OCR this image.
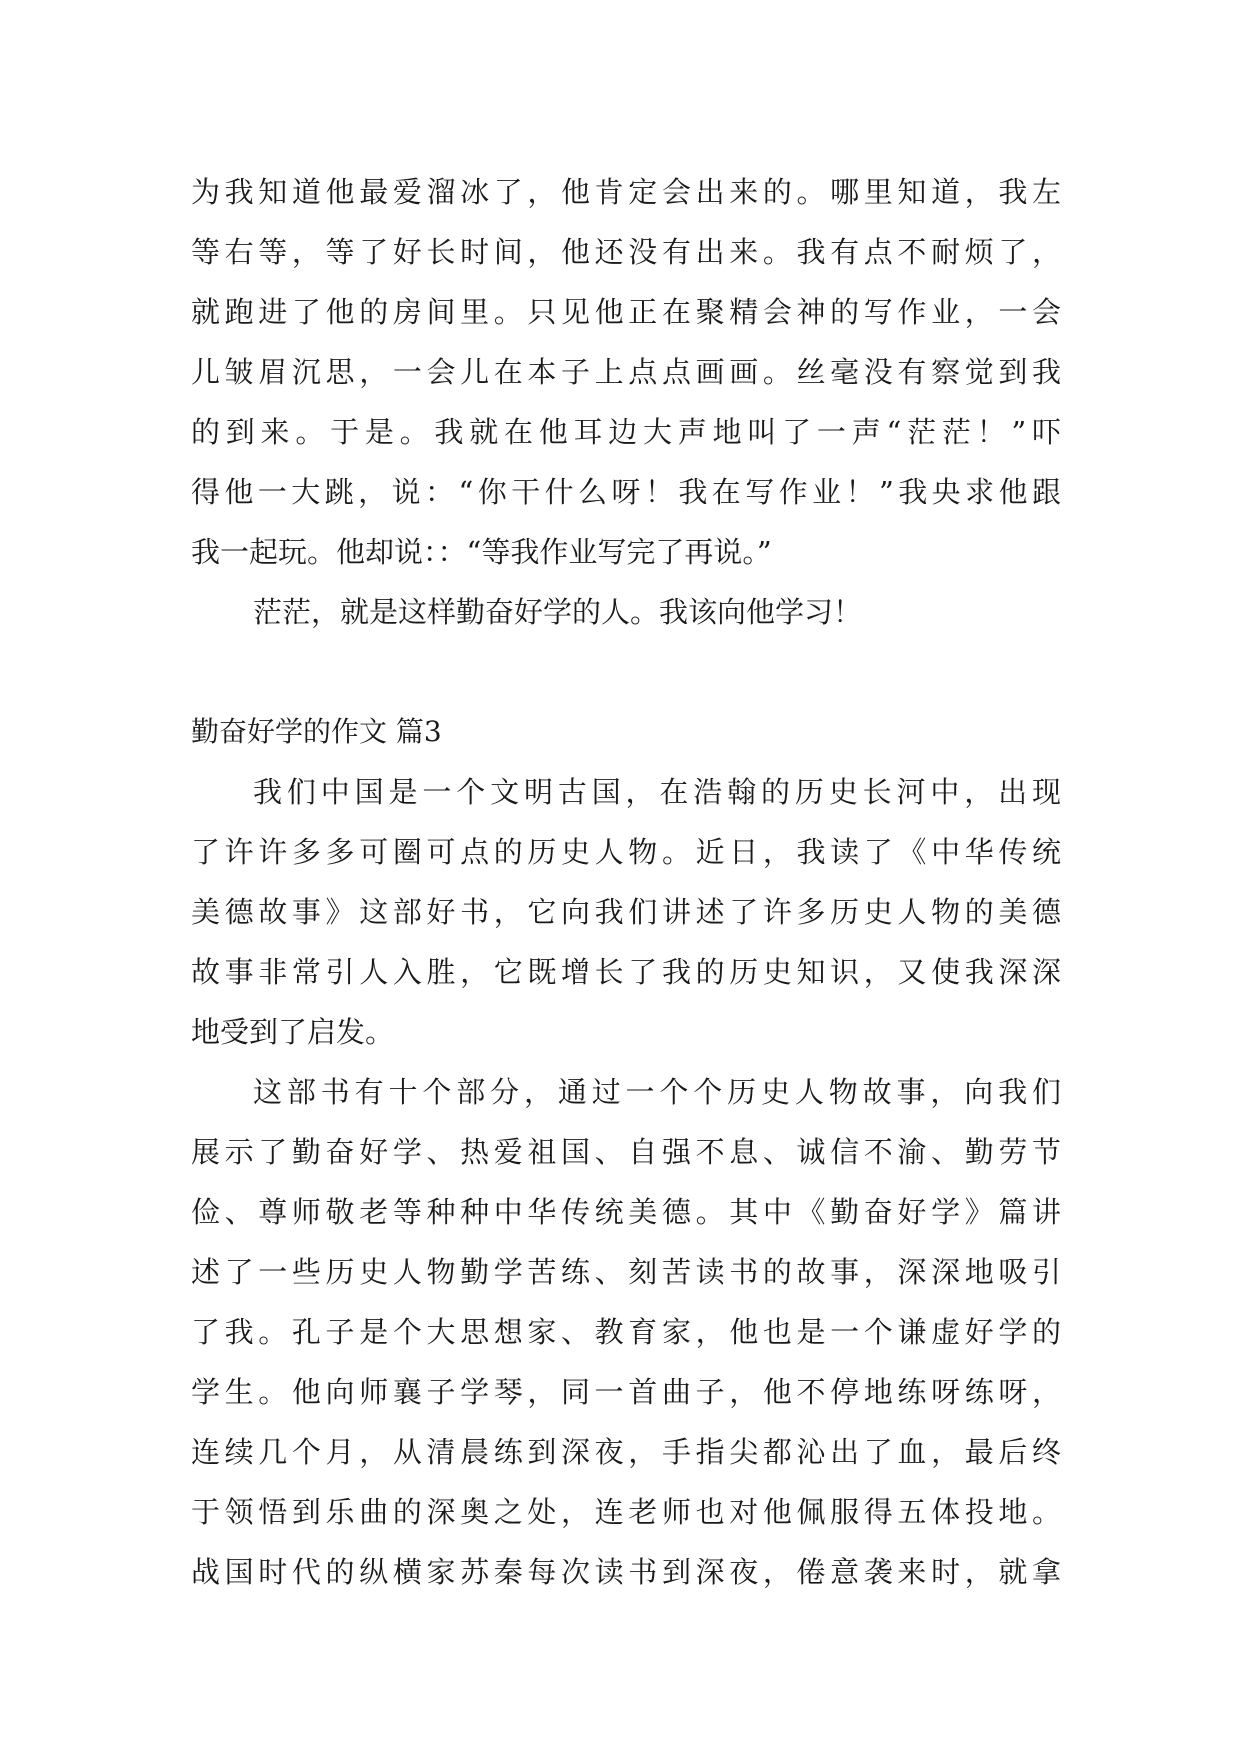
为我知道他最爱溜冰了，他肯定会出来的。哪里知道，我左
等右等，等了好长时间，他还没有出来。我有点不耐烦了，
就跑进了他的房间里。只见他正在聚精会神的写作业，一会
儿皱眉沉思，一会儿在本子上点点画画。丝毫没有察觉到我
的到来。于是。我就在他耳边大声地叫了一声“茫茫！”吓
得他一大跳，说：“你干什么呀！我在写作业！”我央求他跟
我一起玩。他却说：：“等我作业写完了再说。”
茫茫，就是这样勤奋好学的人。我该向他学习！
勤奋好学的作文 篇3
我们中国是一个文明古国，在浩翰的历史长河中，出现
了许许多多可圈可点的历史人物。近日，我读了《中华传统
美德故事》这部好书，它向我们讲述了许多历史人物的美德
故事非常引人入胜，它既增长了我的历史知识，又使我深深
地受到了启发。
这部书有十个部分，通过一个个历史人物故事，向我们
展示了勤奋好学、热爱祖国、自强不息、诚信不渝、勤劳节
俭、尊师敬老等种种中华传统美德。其中《勤奋好学》篇讲
述了一些历史人物勤学苦练、刻苦读书的故事，深深地吸引
了我。孔子是个大思想家、教育家，他也是一个谦虚好学的
学生。他向师襄子学琴，同一首曲子，他不停地练呀练呀，
连续几个月，从清晨练到深夜，手指尖都沁出了血，最后终
于领悟到乐曲的深奥之处，连老师也对他佩服得五体投地。
战国时代的纵横家苏秦每次读书到深夜，倦意袭来时，就拿
